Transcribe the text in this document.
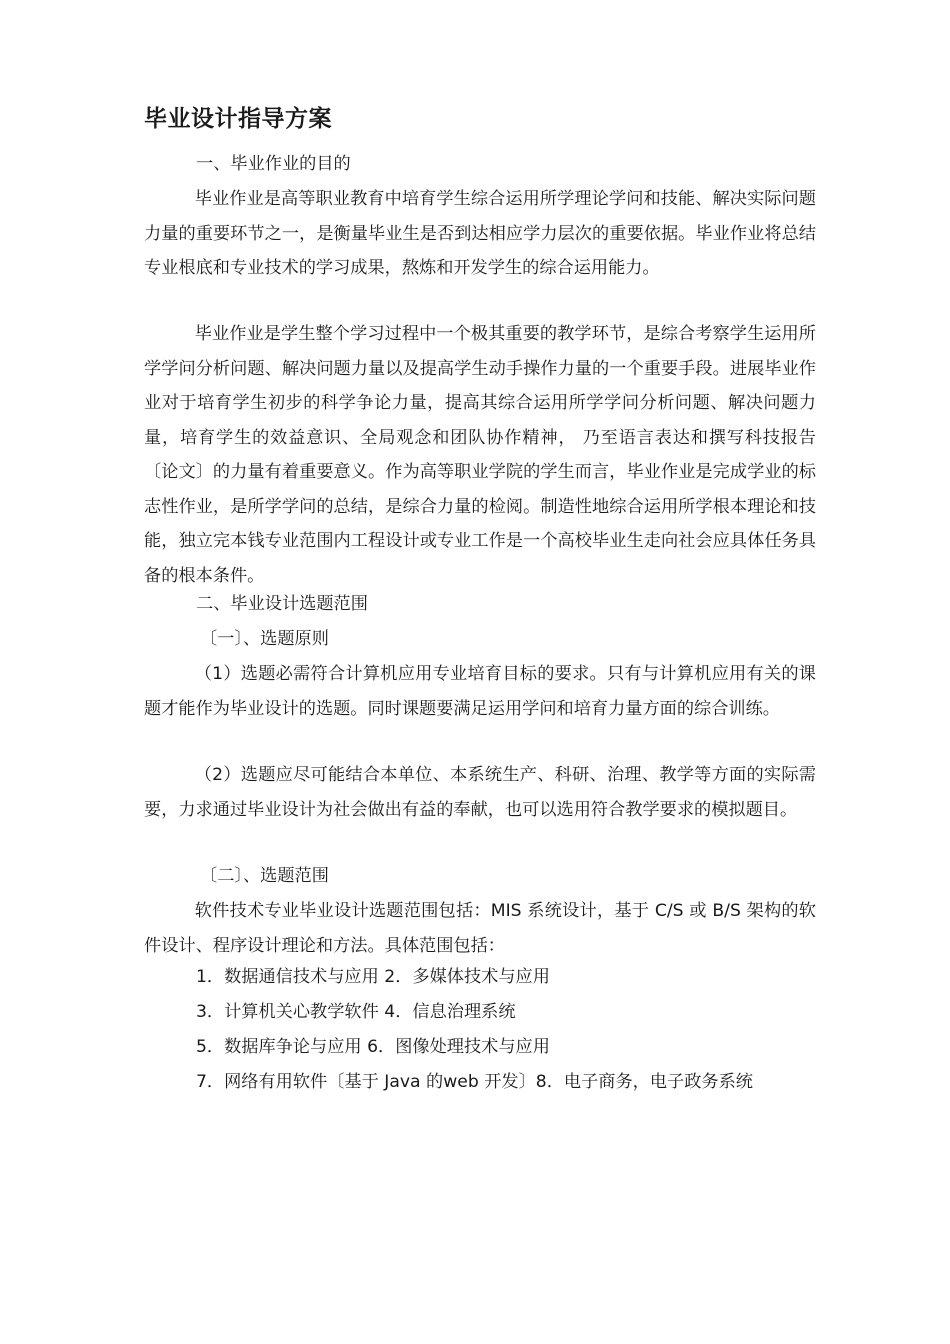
毕业设计指导方案

一、毕业作业的目的

毕业作业是高等职业教育中培育学生综合运用所学理论学问和技能、解决实际问题力量的重要环节之一，是衡量毕业生是否到达相应学力层次的重要依据。毕业作业将总结专业根底和专业技术的学习成果，熬炼和开发学生的综合运用能力。

毕业作业是学生整个学习过程中一个极其重要的教学环节，是综合考察学生运用所学学问分析问题、解决问题力量以及提高学生动手操作力量的一个重要手段。进展毕业作业对于培育学生初步的科学争论力量，提高其综合运用所学学问分析问题、解决问题力量，培育学生的效益意识、全局观念和团队协作精神， 乃至语言表达和撰写科技报告〔论文〕的力量有着重要意义。作为高等职业学院的学生而言，毕业作业是完成学业的标志性作业，是所学学问的总结，是综合力量的检阅。制造性地综合运用所学根本理论和技能，独立完本钱专业范围内工程设计或专业工作是一个高校毕业生走向社会应具体任务具备的根本条件。

二、毕业设计选题范围

〔一〕、选题原则

（1）选题必需符合计算机应用专业培育目标的要求。只有与计算机应用有关的课题才能作为毕业设计的选题。同时课题要满足运用学问和培育力量方面的综合训练。

（2）选题应尽可能结合本单位、本系统生产、科研、治理、教学等方面的实际需要，力求通过毕业设计为社会做出有益的奉献，也可以选用符合教学要求的模拟题目。

〔二〕、选题范围

软件技术专业毕业设计选题范围包括：MIS 系统设计，基于 C/S 或 B/S 架构的软件设计、程序设计理论和方法。具体范围包括：

1．数据通信技术与应用 2．多媒体技术与应用

3．计算机关心教学软件 4．信息治理系统

5．数据库争论与应用 6．图像处理技术与应用

7．网络有用软件〔基于 Java 的web 开发〕8．电子商务，电子政务系统
